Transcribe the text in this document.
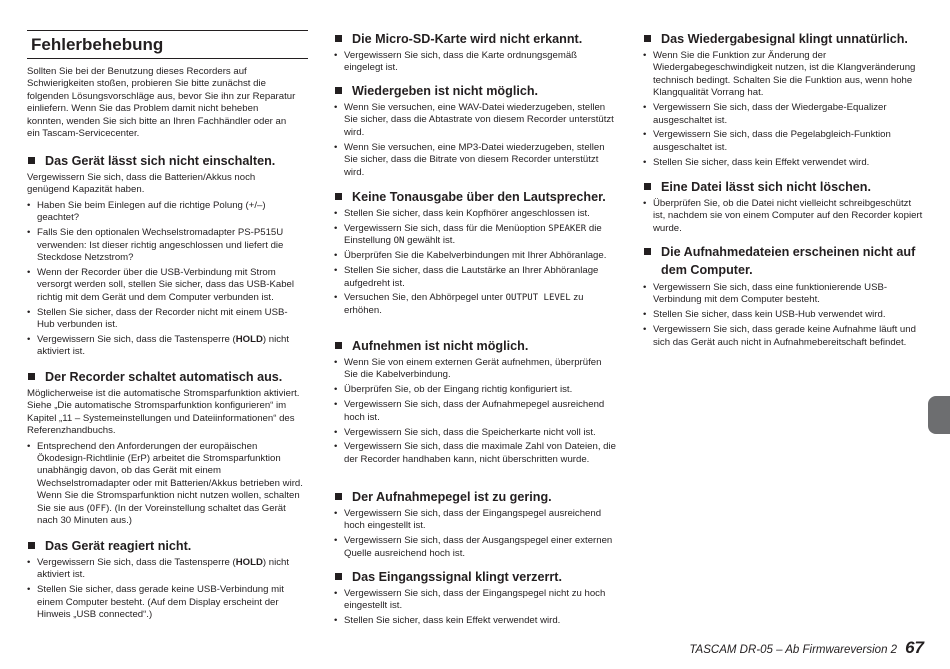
Fehlerbehebung

Sollten Sie bei der Benutzung dieses Recorders auf Schwierigkeiten stoßen, probieren Sie bitte zunächst die folgenden Lösungsvorschläge aus, bevor Sie ihn zur Reparatur einliefern. Wenn Sie das Problem damit nicht beheben konnten, wenden Sie sich bitte an Ihren Fachhändler oder an ein Tascam-Servicecenter.

Das Gerät lässt sich nicht einschalten.

Vergewissern Sie sich, dass die Batterien/Akkus noch genügend Kapazität haben.

• Haben Sie beim Einlegen auf die richtige Polung (+/–) geachtet?
• Falls Sie den optionalen Wechselstromadapter PS-P515U verwenden: Ist dieser richtig angeschlossen und liefert die Steckdose Netzstrom?
• Wenn der Recorder über die USB-Verbindung mit Strom versorgt werden soll, stellen Sie sicher, dass das USB-Kabel richtig mit dem Gerät und dem Computer verbunden ist.
• Stellen Sie sicher, dass der Recorder nicht mit einem USB-Hub verbunden ist.
• Vergewissern Sie sich, dass die Tastensperre (HOLD) nicht aktiviert ist.
Der Recorder schaltet automatisch aus.

Möglicherweise ist die automatische Stromsparfunktion aktiviert. Siehe „Die automatische Stromsparfunktion konfigurieren“ im Kapitel „11 – Systemeinstellungen und Dateiinformationen“ des Referenzhandbuchs.

• Entsprechend den Anforderungen der europäischen Ökodesign-Richtlinie (ErP) arbeitet die Stromsparfunktion unabhängig davon, ob das Gerät mit einem Wechselstromadapter oder mit Batterien/Akkus betrieben wird. Wenn Sie die Stromsparfunktion nicht nutzen wollen, schalten Sie sie aus (OFF). (In der Voreinstellung schaltet das Gerät nach 30 Minuten aus.)
Das Gerät reagiert nicht.
• Vergewissern Sie sich, dass die Tastensperre (HOLD) nicht aktiviert ist.
• Stellen Sie sicher, dass gerade keine USB-Verbindung mit einem Computer besteht. (Auf dem Display erscheint der Hinweis „USB connected“.)
Die Micro-SD-Karte wird nicht erkannt.
• Vergewissern Sie sich, dass die Karte ordnungsgemäß eingelegt ist.
Wiedergeben ist nicht möglich.
• Wenn Sie versuchen, eine WAV-Datei wiederzugeben, stellen Sie sicher, dass die Abtastrate von diesem Recorder unterstützt wird.
• Wenn Sie versuchen, eine MP3-Datei wiederzugeben, stellen Sie sicher, dass die Bitrate von diesem Recorder unterstützt wird.
Keine Tonausgabe über den Lautsprecher.
• Stellen Sie sicher, dass kein Kopfhörer angeschlossen ist.
• Vergewissern Sie sich, dass für die Menüoption SPEAKER die Einstellung ON gewählt ist.
• Überprüfen Sie die Kabelverbindungen mit Ihrer Abhöranlage.
• Stellen Sie sicher, dass die Lautstärke an Ihrer Abhöranlage aufgedreht ist.
• Versuchen Sie, den Abhörpegel unter OUTPUT LEVEL zu erhöhen.
Aufnehmen ist nicht möglich.
• Wenn Sie von einem externen Gerät aufnehmen, überprüfen Sie die Kabelverbindung.
• Überprüfen Sie, ob der Eingang richtig konfiguriert ist.
• Vergewissern Sie sich, dass der Aufnahmepegel ausreichend hoch ist.
• Vergewissern Sie sich, dass die Speicherkarte nicht voll ist.
• Vergewissern Sie sich, dass die maximale Zahl von Dateien, die der Recorder handhaben kann, nicht überschritten wurde.
Der Aufnahmepegel ist zu gering.
• Vergewissern Sie sich, dass der Eingangspegel ausreichend hoch eingestellt ist.
• Vergewissern Sie sich, dass der Ausgangspegel einer externen Quelle ausreichend hoch ist.
Das Eingangssignal klingt verzerrt.
• Vergewissern Sie sich, dass der Eingangspegel nicht zu hoch eingestellt ist.
• Stellen Sie sicher, dass kein Effekt verwendet wird.
Das Wiedergabesignal klingt unnatürlich.
• Wenn Sie die Funktion zur Änderung der Wiedergabegeschwindigkeit nutzen, ist die Klangveränderung technisch bedingt. Schalten Sie die Funktion aus, wenn hohe Klangqualität Vorrang hat.
• Vergewissern Sie sich, dass der Wiedergabe-Equalizer ausgeschaltet ist.
• Vergewissern Sie sich, dass die Pegelabgleich-Funktion ausgeschaltet ist.
• Stellen Sie sicher, dass kein Effekt verwendet wird.
Eine Datei lässt sich nicht löschen.
• Überprüfen Sie, ob die Datei nicht vielleicht schreibgeschützt ist, nachdem sie von einem Computer auf den Recorder kopiert wurde.
Die Aufnahmedateien erscheinen nicht auf dem Computer.
• Vergewissern Sie sich, dass eine funktionierende USB-Verbindung mit dem Computer besteht.
• Stellen Sie sicher, dass kein USB-Hub verwendet wird.
• Vergewissern Sie sich, dass gerade keine Aufnahme läuft und sich das Gerät auch nicht in Aufnahmebereitschaft befindet.
TASCAM DR-05 – Ab Firmwareversion 2 67
